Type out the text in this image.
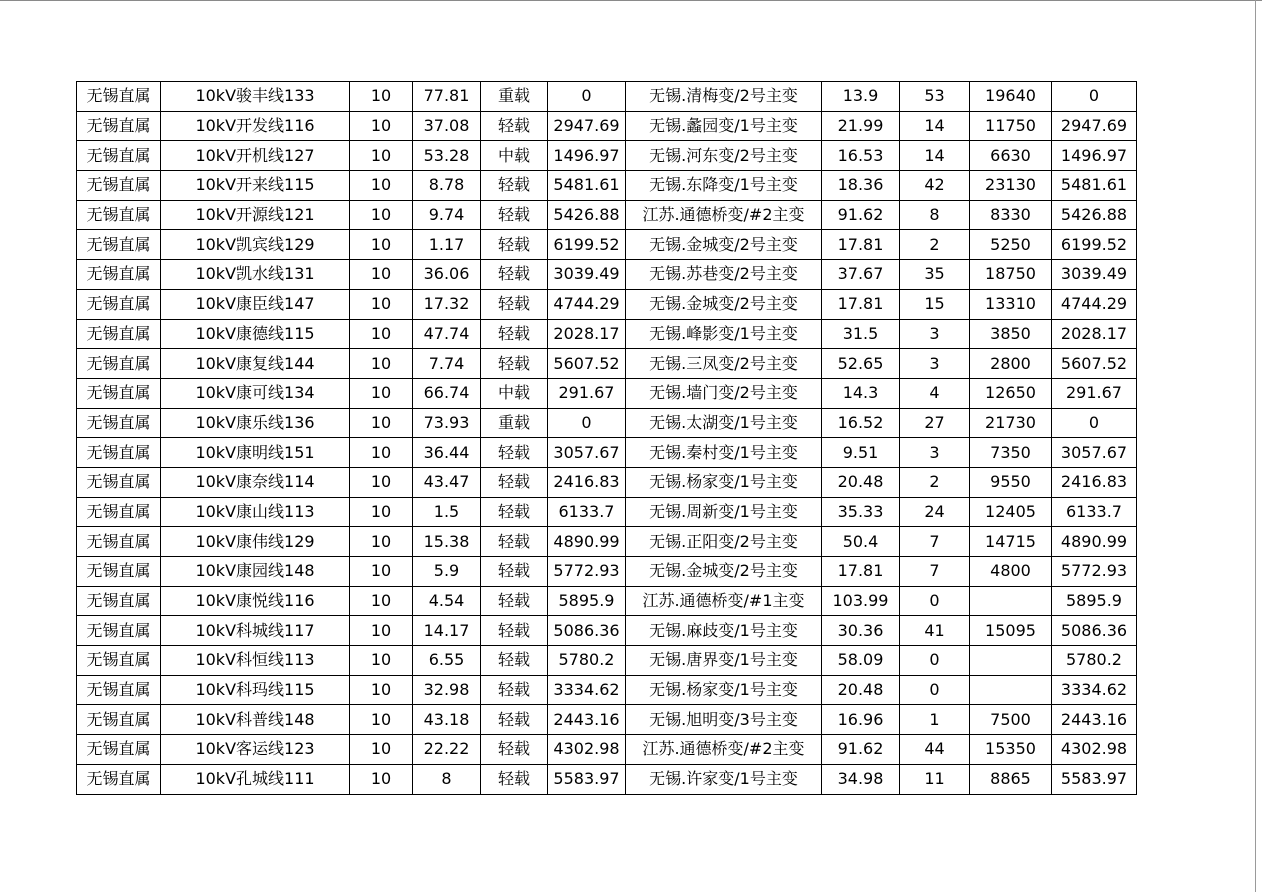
无锡直属	10kV骏丰线133	10	77.81	重载	0	无锡.清梅变/2号主变	13.9	53	19640	0
无锡直属	10kV开发线116	10	37.08	轻载	2947.69	无锡.蠡园变/1号主变	21.99	14	11750	2947.69
无锡直属	10kV开机线127	10	53.28	中载	1496.97	无锡.河东变/2号主变	16.53	14	6630	1496.97
无锡直属	10kV开来线115	10	8.78	轻载	5481.61	无锡.东降变/1号主变	18.36	42	23130	5481.61
无锡直属	10kV开源线121	10	9.74	轻载	5426.88	江苏.通德桥变/#2主变	91.62	8	8330	5426.88
无锡直属	10kV凯宾线129	10	1.17	轻载	6199.52	无锡.金城变/2号主变	17.81	2	5250	6199.52
无锡直属	10kV凯水线131	10	36.06	轻载	3039.49	无锡.苏巷变/2号主变	37.67	35	18750	3039.49
无锡直属	10kV康臣线147	10	17.32	轻载	4744.29	无锡.金城变/2号主变	17.81	15	13310	4744.29
无锡直属	10kV康德线115	10	47.74	轻载	2028.17	无锡.峰影变/1号主变	31.5	3	3850	2028.17
无锡直属	10kV康复线144	10	7.74	轻载	5607.52	无锡.三凤变/2号主变	52.65	3	2800	5607.52
无锡直属	10kV康可线134	10	66.74	中载	291.67	无锡.墙门变/2号主变	14.3	4	12650	291.67
无锡直属	10kV康乐线136	10	73.93	重载	0	无锡.太湖变/1号主变	16.52	27	21730	0
无锡直属	10kV康明线151	10	36.44	轻载	3057.67	无锡.秦村变/1号主变	9.51	3	7350	3057.67
无锡直属	10kV康奈线114	10	43.47	轻载	2416.83	无锡.杨家变/1号主变	20.48	2	9550	2416.83
无锡直属	10kV康山线113	10	1.5	轻载	6133.7	无锡.周新变/1号主变	35.33	24	12405	6133.7
无锡直属	10kV康伟线129	10	15.38	轻载	4890.99	无锡.正阳变/2号主变	50.4	7	14715	4890.99
无锡直属	10kV康园线148	10	5.9	轻载	5772.93	无锡.金城变/2号主变	17.81	7	4800	5772.93
无锡直属	10kV康悦线116	10	4.54	轻载	5895.9	江苏.通德桥变/#1主变	103.99	0		5895.9
无锡直属	10kV科城线117	10	14.17	轻载	5086.36	无锡.麻歧变/1号主变	30.36	41	15095	5086.36
无锡直属	10kV科恒线113	10	6.55	轻载	5780.2	无锡.唐界变/1号主变	58.09	0		5780.2
无锡直属	10kV科玛线115	10	32.98	轻载	3334.62	无锡.杨家变/1号主变	20.48	0		3334.62
无锡直属	10kV科普线148	10	43.18	轻载	2443.16	无锡.旭明变/3号主变	16.96	1	7500	2443.16
无锡直属	10kV客运线123	10	22.22	轻载	4302.98	江苏.通德桥变/#2主变	91.62	44	15350	4302.98
无锡直属	10kV孔城线111	10	8	轻载	5583.97	无锡.许家变/1号主变	34.98	11	8865	5583.97
